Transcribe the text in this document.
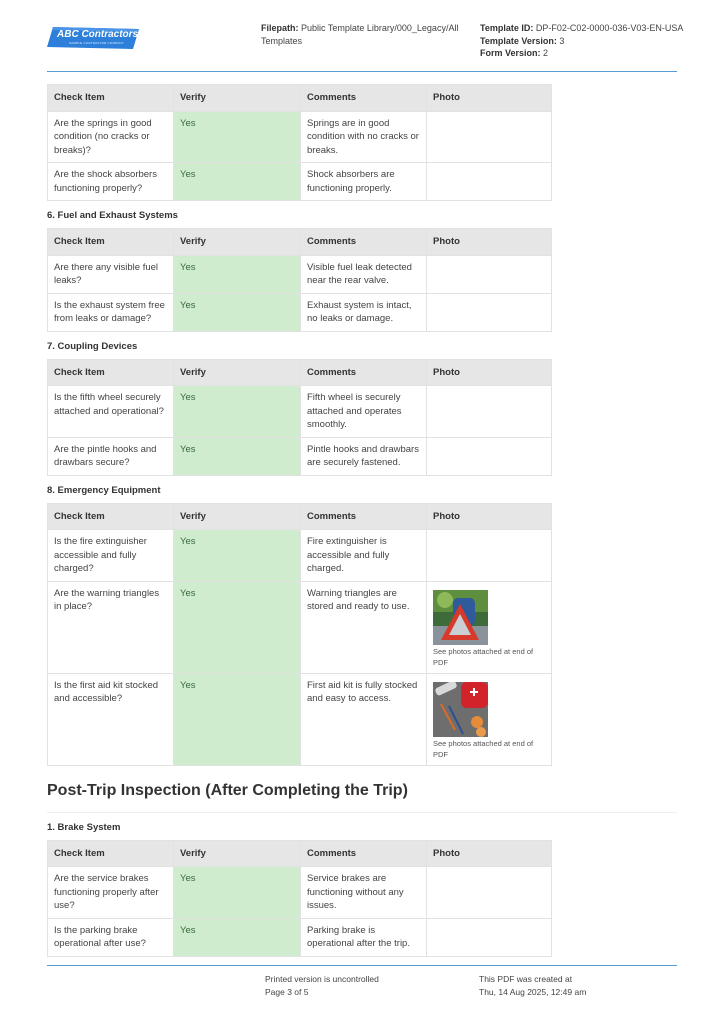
ABC Contractors
SAMPLE CONTRACTOR COMPANY
Filepath: Public Template Library/000_Legacy/All Templates
Template ID: DP-F02-C02-0000-036-V03-EN-USA
Template Version: 3
Form Version: 2
Check Item	Verify	Comments	Photo
Are the springs in good condition (no cracks or breaks)?	Yes	Springs are in good condition with no cracks or breaks.	
Are the shock absorbers functioning properly?	Yes	Shock absorbers are functioning properly.	
6. Fuel and Exhaust Systems
Check Item	Verify	Comments	Photo
Are there any visible fuel leaks?	Yes	Visible fuel leak detected near the rear valve.	
Is the exhaust system free from leaks or damage?	Yes	Exhaust system is intact, no leaks or damage.	
7. Coupling Devices
Check Item	Verify	Comments	Photo
Is the fifth wheel securely attached and operational?	Yes	Fifth wheel is securely attached and operates smoothly.	
Are the pintle hooks and drawbars secure?	Yes	Pintle hooks and drawbars are securely fastened.	
8. Emergency Equipment
Check Item	Verify	Comments	Photo
Is the fire extinguisher accessible and fully charged?	Yes	Fire extinguisher is accessible and fully charged.	
Are the warning triangles in place?	Yes	Warning triangles are stored and ready to use.	See photos attached at end of PDF

Is the first aid kit stocked and accessible?	Yes	First aid kit is fully stocked and easy to access.	See photos attached at end of PDF
Post-Trip Inspection (After Completing the Trip)
1. Brake System
Check Item	Verify	Comments	Photo
Are the service brakes functioning properly after use?	Yes	Service brakes are functioning without any issues.	
Is the parking brake operational after use?	Yes	Parking brake is operational after the trip.	
Printed version is uncontrolled
Page 3 of 5
This PDF was created at
Thu, 14 Aug 2025, 12:49 am
